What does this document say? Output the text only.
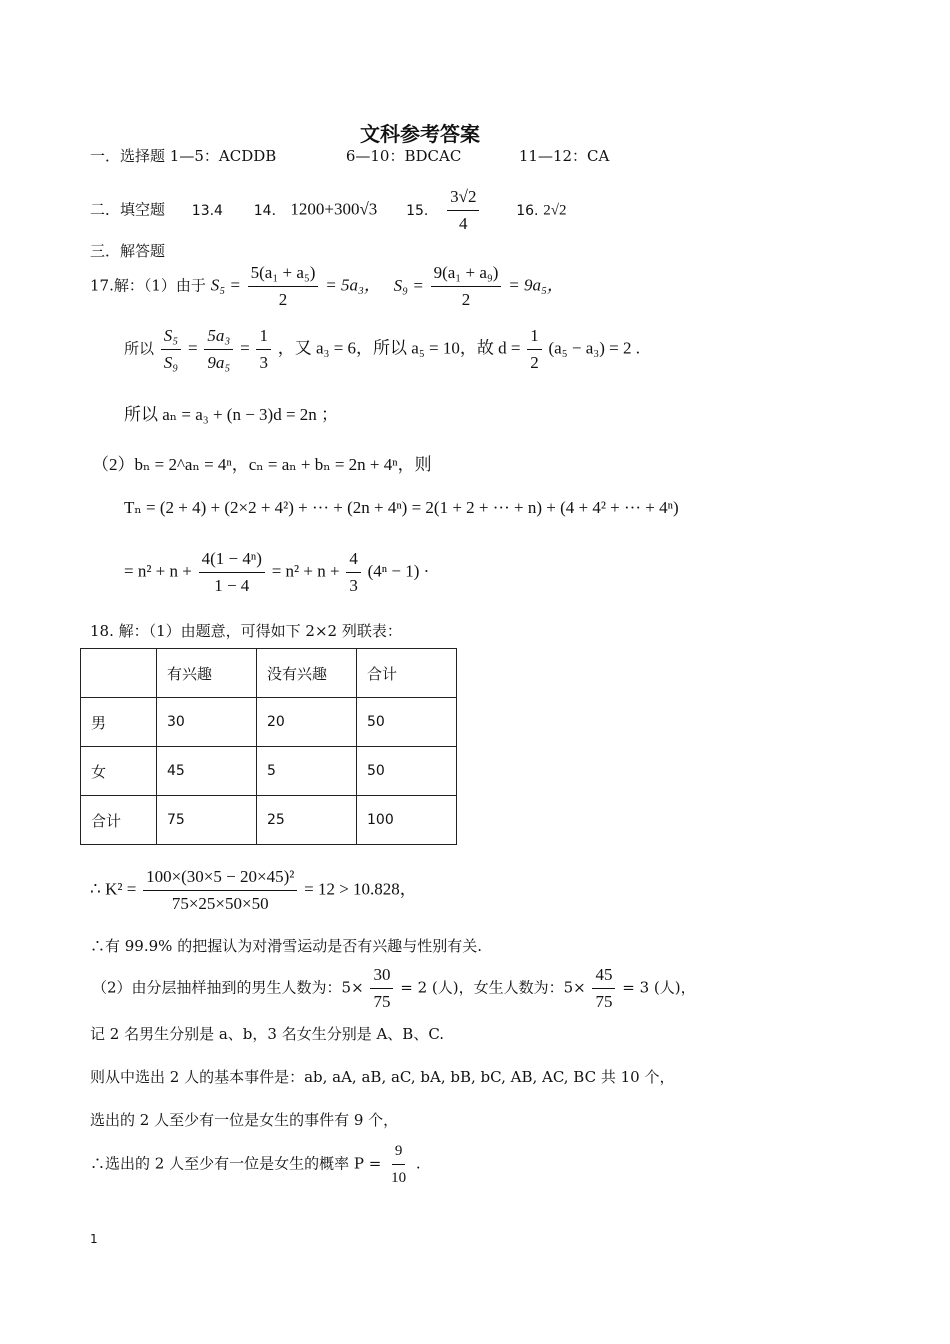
文科参考答案
一．选择题 1—5：ACDDB	6—10：BDCAC	11—12：CA
二．填空题 13.4 14． 1200+300√3 15. $\frac{3√2}{4}$	16. 2√2
三．解答题
17.解：（1）由于 $S_5 = \frac{\text{5(a₁ + a₅)}}{2} = 5a_3$， $S_9 = \frac{\text{9(a₁ + a₉)}}{2} = 9a_5$，
所以 $\frac{\text{S₅}}{\text{S₉}} = \frac{\text{5a₃}}{\text{9a₅}} = \frac{1}{3}$ ，又 a₃ = 6，所以 a₅ = 10，故 $d = \frac{1}{2} (a_5 - a_3) = 2$ .
所以 aₙ = a₃ + (n − 3)d = 2n ；
（2）bₙ = 2^aₙ = 4ⁿ，cₙ = aₙ + bₙ = 2n + 4ⁿ，则
Tₙ = (2 + 4) + (2×2 + 4²) + ··· + (2n + 4ⁿ) = 2(1 + 2 + ··· + n) + (4 + 4² + ··· + 4ⁿ)
= $n^2 + n + \frac{\text{4(1 − 4ⁿ)}}{1 - 4} = n^2 + n + \frac{4}{3} (4^n - 1)$ ·
18. 解：（1）由题意，可得如下 2×2 列联表：
	有兴趣	没有兴趣	合计
男	30	20	50
女	45	5	50
合计	75	25	100
∴ $K^2 = \frac{\text{100×(30×5 − 20×45)²}}{75\times 25\times 50\times 50} = 12 > 10.828$，
∴有 99.9% 的把握认为对滑雪运动是否有兴趣与性别有关.
（2）由分层抽样抽到的男生人数为：$5\times \frac{30}{75} = 2$ (人)，女生人数为：$5\times \frac{45}{75} = 3$ (人)，
记 2 名男生分别是 a、b，3 名女生分别是 A、B、C.
则从中选出 2 人的基本事件是：ab, aA, aB, aC, bA, bB, bC, AB, AC, BC 共 10 个，
选出的 2 人至少有一位是女生的事件有 9 个，
∴选出的 2 人至少有一位是女生的概率 $P = \frac{9}{10}$ .
1
